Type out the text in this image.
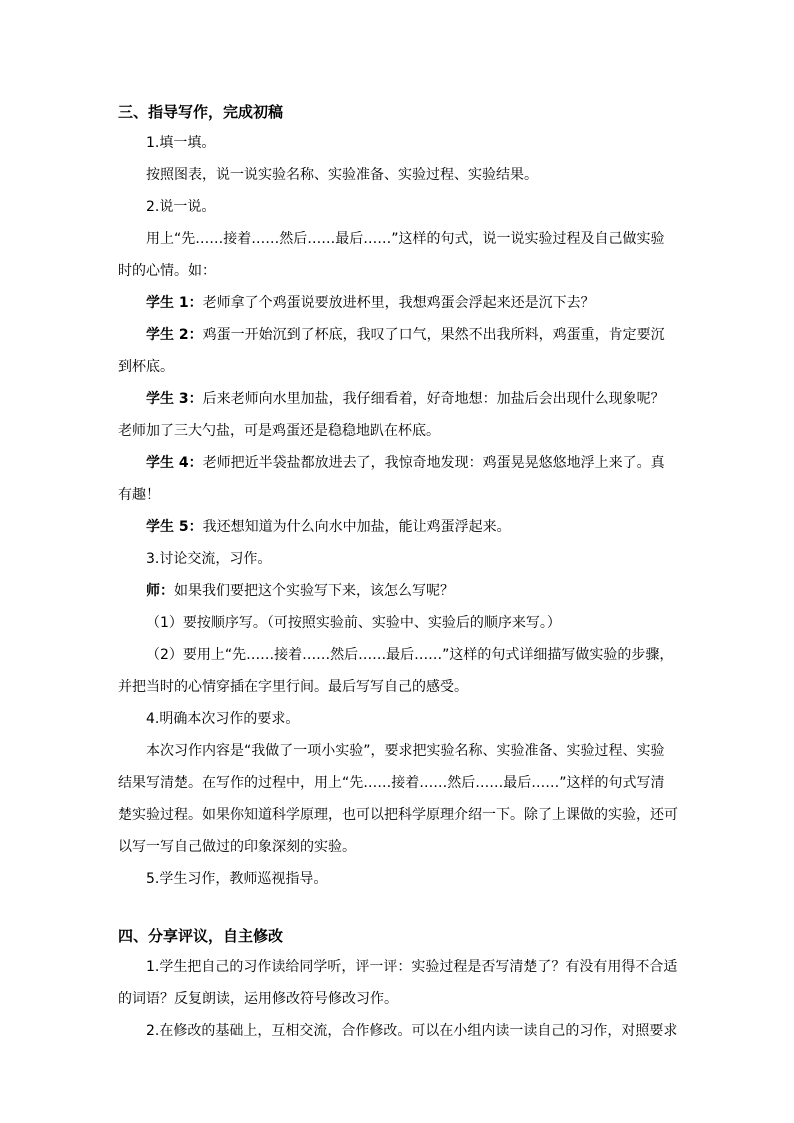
三、指导写作，完成初稿

1.填一填。

按照图表，说一说实验名称、实验准备、实验过程、实验结果。

2.说一说。

用上“先……接着……然后……最后……”这样的句式，说一说实验过程及自己做实验时的心情。如：

学生 1：老师拿了个鸡蛋说要放进杯里，我想鸡蛋会浮起来还是沉下去？

学生 2：鸡蛋一开始沉到了杯底，我叹了口气，果然不出我所料，鸡蛋重，肯定要沉到杯底。

学生 3：后来老师向水里加盐，我仔细看着，好奇地想：加盐后会出现什么现象呢？老师加了三大勺盐，可是鸡蛋还是稳稳地趴在杯底。

学生 4：老师把近半袋盐都放进去了，我惊奇地发现：鸡蛋晃晃悠悠地浮上来了。真有趣！

学生 5：我还想知道为什么向水中加盐，能让鸡蛋浮起来。

3.讨论交流，习作。

师：如果我们要把这个实验写下来，该怎么写呢？

（1）要按顺序写。（可按照实验前、实验中、实验后的顺序来写。）

（2）要用上“先……接着……然后……最后……”这样的句式详细描写做实验的步骤，并把当时的心情穿插在字里行间。最后写写自己的感受。

4.明确本次习作的要求。

本次习作内容是“我做了一项小实验”，要求把实验名称、实验准备、实验过程、实验结果写清楚。在写作的过程中，用上“先……接着……然后……最后……”这样的句式写清楚实验过程。如果你知道科学原理，也可以把科学原理介绍一下。除了上课做的实验，还可以写一写自己做过的印象深刻的实验。

5.学生习作，教师巡视指导。

四、分享评议，自主修改

1.学生把自己的习作读给同学听，评一评：实验过程是否写清楚了？有没有用得不合适的词语？反复朗读，运用修改符号修改习作。

2.在修改的基础上，互相交流，合作修改。可以在小组内读一读自己的习作，对照要求
